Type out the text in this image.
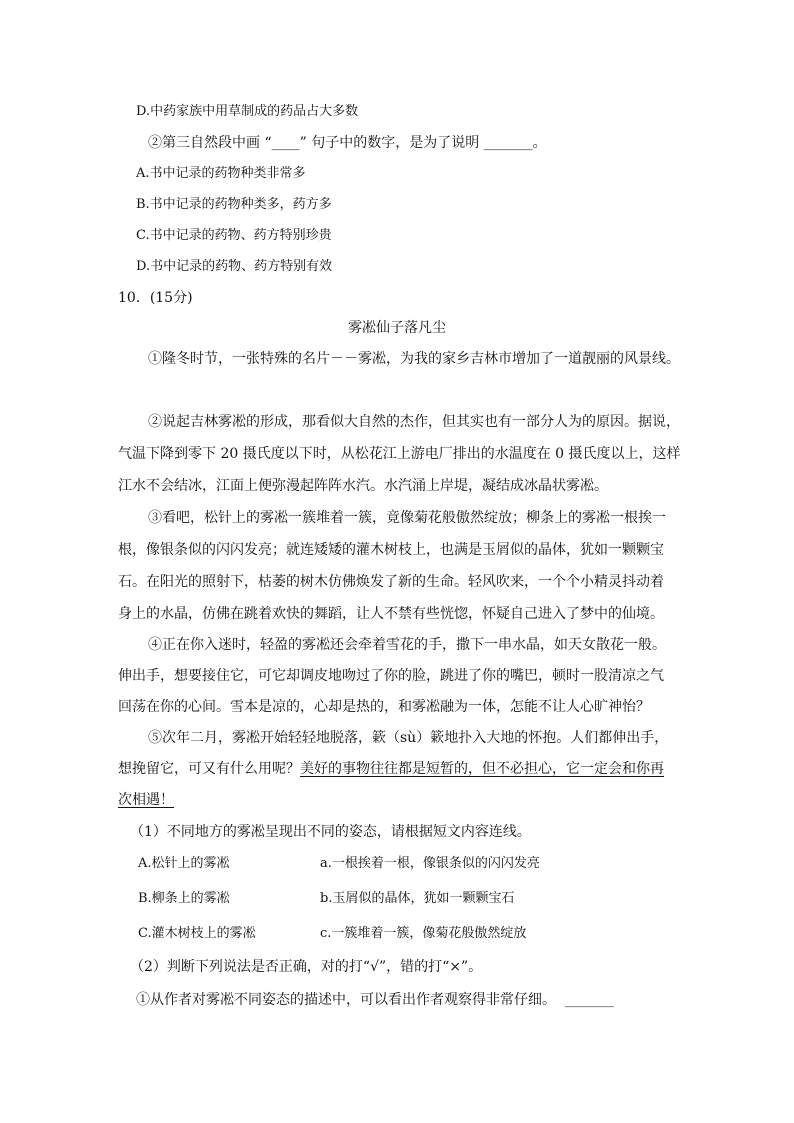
D.中药家族中用草制成的药品占大多数
②第三自然段中画 “____” 句子中的数字，是为了说明 _______。
A.书中记录的药物种类非常多
B.书中记录的药物种类多，药方多
C.书中记录的药物、药方特别珍贵
D.书中记录的药物、药方特别有效
10．(15分)
雾凇仙子落凡尘
①隆冬时节，一张特殊的名片－－雾凇，为我的家乡吉林市增加了一道靓丽的风景线。
②说起吉林雾凇的形成，那看似大自然的杰作，但其实也有一部分人为的原因。据说，
气温下降到零下 20 摄氏度以下时，从松花江上游电厂排出的水温度在 0 摄氏度以上，这样
江水不会结冰，江面上便弥漫起阵阵水汽。水汽涌上岸堤，凝结成冰晶状雾凇。
③看吧，松针上的雾凇一簇堆着一簇，竟像菊花般傲然绽放；柳条上的雾凇一根挨一
根，像银条似的闪闪发亮；就连矮矮的灌木树枝上，也满是玉屑似的晶体，犹如一颗颗宝
石。在阳光的照射下，枯萎的树木仿佛焕发了新的生命。轻风吹来，一个个小精灵抖动着
身上的水晶，仿佛在跳着欢快的舞蹈，让人不禁有些恍惚，怀疑自己进入了梦中的仙境。
④正在你入迷时，轻盈的雾凇还会牵着雪花的手，撒下一串水晶，如天女散花一般。
伸出手，想要接住它，可它却调皮地吻过了你的脸，跳进了你的嘴巴，顿时一股清凉之气
回荡在你的心间。雪本是凉的，心却是热的，和雾凇融为一体，怎能不让人心旷神怡？
⑤次年二月，雾凇开始轻轻地脱落，簌（sù）簌地扑入大地的怀抱。人们都伸出手，
想挽留它，可又有什么用呢？美好的事物往往都是短暂的，但不必担心，它一定会和你再
次相遇！
（1）不同地方的雾凇呈现出不同的姿态，请根据短文内容连线。
A.松针上的雾凇	a.一根挨着一根，像银条似的闪闪发亮
B.柳条上的雾凇	b.玉屑似的晶体，犹如一颗颗宝石
C.灌木树枝上的雾凇	c.一簇堆着一簇，像菊花般傲然绽放
（2）判断下列说法是否正确，对的打“√”，错的打“×”。
①从作者对雾凇不同姿态的描述中，可以看出作者观察得非常仔细。 _______
